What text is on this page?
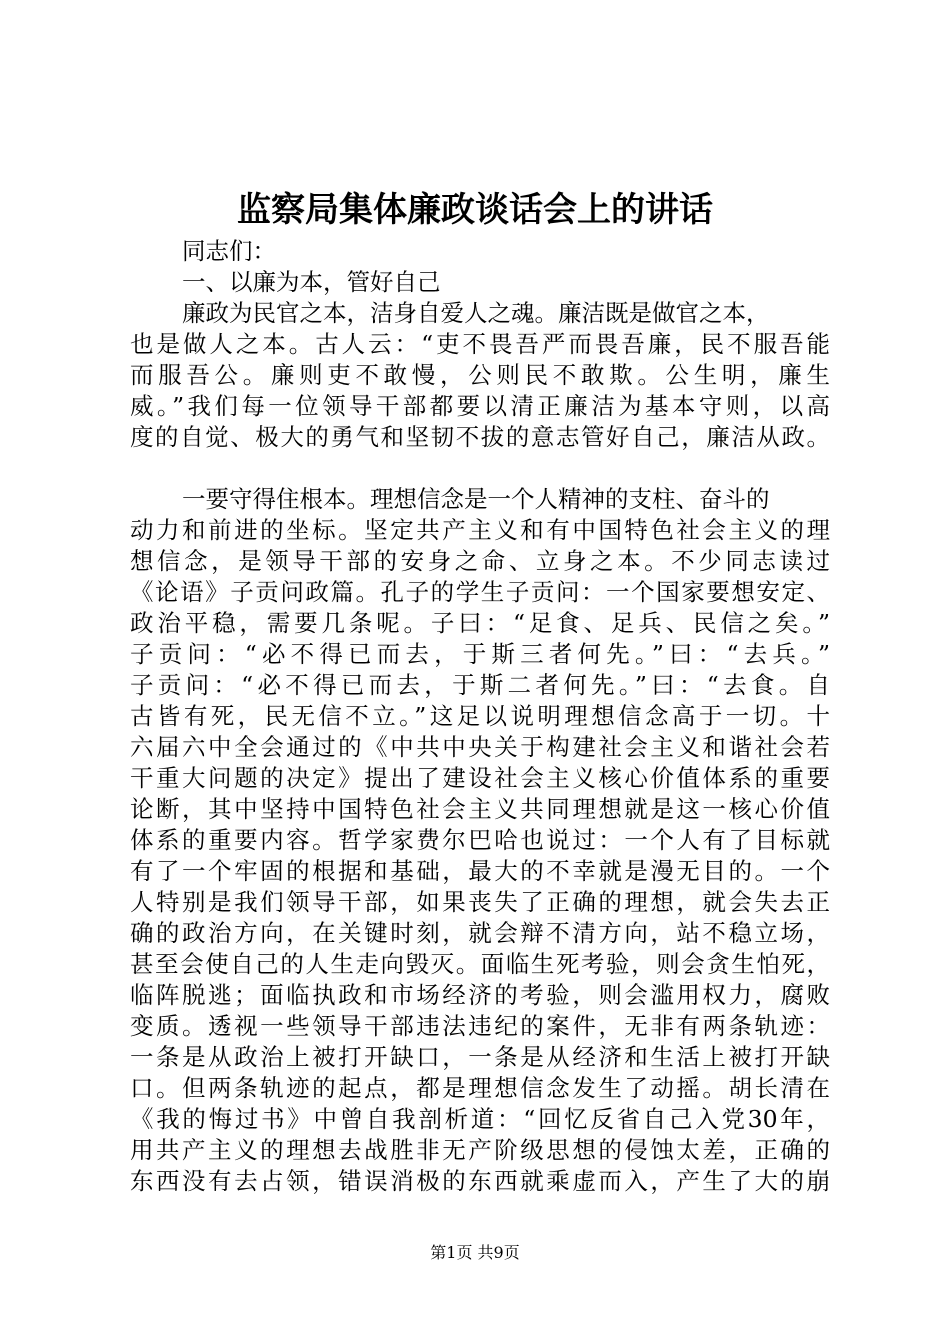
监察局集体廉政谈话会上的讲话
同志们：
一、以廉为本，管好自己
廉政为民官之本，洁身自爱人之魂。廉洁既是做官之本，
也是做人之本。古人云：“吏不畏吾严而畏吾廉，民不服吾能
而服吾公。廉则吏不敢慢，公则民不敢欺。公生明，廉生
威。”我们每一位领导干部都要以清正廉洁为基本守则，以高
度的自觉、极大的勇气和坚韧不拔的意志管好自己，廉洁从政。
一要守得住根本。理想信念是一个人精神的支柱、奋斗的
动力和前进的坐标。坚定共产主义和有中国特色社会主义的理
想信念，是领导干部的安身之命、立身之本。不少同志读过
《论语》子贡问政篇。孔子的学生子贡问：一个国家要想安定、
政治平稳，需要几条呢。子曰：“足食、足兵、民信之矣。”
子贡问：“必不得已而去，于斯三者何先。”曰：“去兵。”
子贡问：“必不得已而去，于斯二者何先。”曰：“去食。自
古皆有死，民无信不立。”这足以说明理想信念高于一切。十
六届六中全会通过的《中共中央关于构建社会主义和谐社会若
干重大问题的决定》提出了建设社会主义核心价值体系的重要
论断，其中坚持中国特色社会主义共同理想就是这一核心价值
体系的重要内容。哲学家费尔巴哈也说过：一个人有了目标就
有了一个牢固的根据和基础，最大的不幸就是漫无目的。一个
人特别是我们领导干部，如果丧失了正确的理想，就会失去正
确的政治方向，在关键时刻，就会辩不清方向，站不稳立场，
甚至会使自己的人生走向毁灭。面临生死考验，则会贪生怕死，
临阵脱逃；面临执政和市场经济的考验，则会滥用权力，腐败
变质。透视一些领导干部违法违纪的案件，无非有两条轨迹：
一条是从政治上被打开缺口，一条是从经济和生活上被打开缺
口。但两条轨迹的起点，都是理想信念发生了动摇。胡长清在
《我的悔过书》中曾自我剖析道：“回忆反省自己入党30年，
用共产主义的理想去战胜非无产阶级思想的侵蚀太差，正确的
东西没有去占领，错误消极的东西就乘虚而入，产生了大的崩
第1页 共9页
